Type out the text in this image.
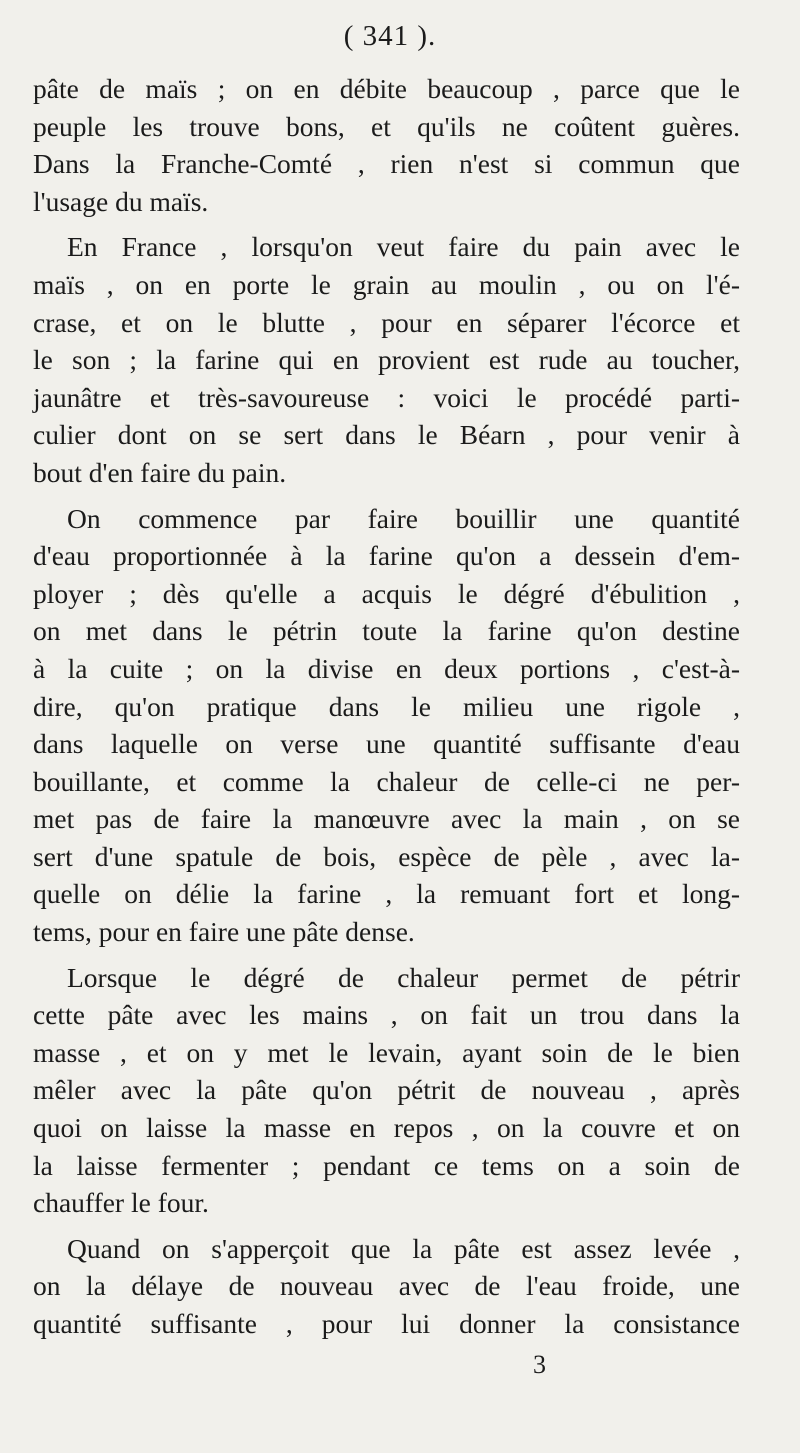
( 341 ).

pâte de maïs ; on en débite beaucoup , parce que le
peuple les trouve bons, et qu'ils ne coûtent guères.
Dans la Franche-Comté , rien n'est si commun que
l'usage du maïs.

En France , lorsqu'on veut faire du pain avec le
maïs , on en porte le grain au moulin , ou on l'é-
crase, et on le blutte , pour en séparer l'écorce et
le son ; la farine qui en provient est rude au toucher,
jaunâtre et très-savoureuse : voici le procédé parti-
culier dont on se sert dans le Béarn , pour venir à
bout d'en faire du pain.

On commence par faire bouillir une quantité
d'eau proportionnée à la farine qu'on a dessein d'em-
ployer ; dès qu'elle a acquis le dégré d'ébulition ,
on met dans le pétrin toute la farine qu'on destine
à la cuite ; on la divise en deux portions , c'est-à-
dire, qu'on pratique dans le milieu une rigole ,
dans laquelle on verse une quantité suffisante d'eau
bouillante, et comme la chaleur de celle-ci ne per-
met pas de faire la manœuvre avec la main , on se
sert d'une spatule de bois, espèce de pèle , avec la-
quelle on délie la farine , la remuant fort et long-
tems, pour en faire une pâte dense.

Lorsque le dégré de chaleur permet de pétrir
cette pâte avec les mains , on fait un trou dans la
masse , et on y met le levain, ayant soin de le bien
mêler avec la pâte qu'on pétrit de nouveau , après
quoi on laisse la masse en repos , on la couvre et on
la laisse fermenter ; pendant ce tems on a soin de
chauffer le four.

Quand on s'apperçoit que la pâte est assez levée ,
on la délaye de nouveau avec de l'eau froide, une
quantité suffisante , pour lui donner la consistance

3
